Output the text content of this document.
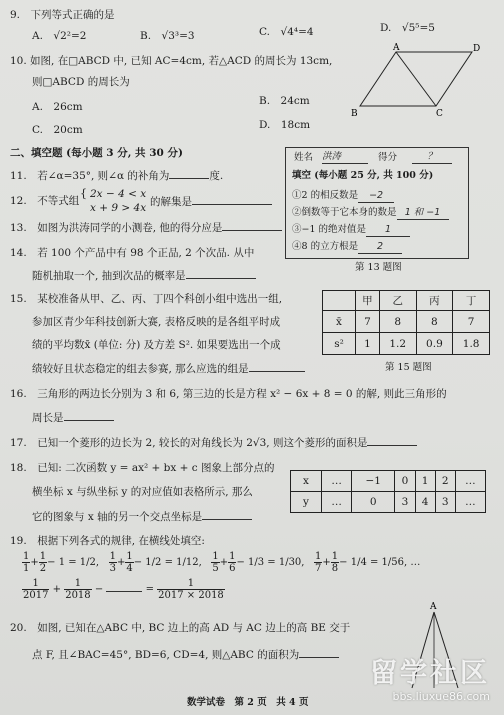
9.　下列等式正确的是
A.　√2²=2	B.　√3³=3	C.　√4⁴=4	D.　√5⁵=5
10. 如图, 在□ABCD 中, 已知 AC=4cm, 若△ACD 的周长为 13cm,
则□ABCD 的周长为
A.　26cm	B.　24cm
C.　20cm	D.　18cm
A	D
B	C
二、填空题 (每小题 3 分, 共 30 分)
11.　若∠α=35°, 则∠α 的补角为	度.
12.　不等式组
{ 2x − 4 < x
x + 9 > 4x 的解集是
13.　如图为洪涛同学的小测卷, 他的得分应是
姓名 洪涛	得分	？
填空 (每小题 25 分, 共 100 分)
①2 的相反数是 −2
②倒数等于它本身的数是 1 和 −1
③−1 的绝对值是 1
④8 的立方根是 2
第 13 题图
14.　若 100 个产品中有 98 个正品, 2 个次品. 从中
随机抽取一个, 抽到次品的概率是
15.　某校准备从甲、乙、丙、丁四个科创小组中选出一组,
参加区青少年科技创新大赛, 表格反映的是各组平时成
绩的平均数x̄ (单位: 分) 及方差 S². 如果要选出一个成
绩较好且状态稳定的组去参赛, 那么应选的组是
	甲	乙	丙	丁
x̄	7	8	8	7
s²	1	1.2	0.9	1.8
第 15 题图
16.　三角形的两边长分别为 3 和 6, 第三边的长是方程 x² − 6x + 8 = 0 的解, 则此三角形的
周长是
17.　已知一个菱形的边长为 2, 较长的对角线长为 2√3, 则这个菱形的面积是
18.　已知: 二次函数 y = ax² + bx + c 图象上部分点的
横坐标 x 与纵坐标 y 的对应值如表格所示, 那么
它的图象与 x 轴的另一个交点坐标是
x	…	−1	0	1	2	…
y	…	0	3	4	3	…
19.　根据下列各式的规律, 在横线处填空:
$\frac{1}{1} + \frac{1}{2} - 1 = 1/2$, $\frac{1}{3} + \frac{1}{4} - 1/2 = 1/12$, $\frac{1}{5} + \frac{1}{6} - 1/3 = 1/30$, $\frac{1}{7} + \frac{1}{8} - 1/4 = 1/56$, …
$\frac{1}{2017} + \frac{1}{2018}$ −	= $\frac{1}{2017 \times 2018}$
20.　如图, 已知在△ABC 中, BC 边上的高 AD 与 AC 边上的高 BE 交于
点 F, 且∠BAC=45°, BD=6, CD=4, 则△ABC 的面积为
A
数学试卷　第 2 页　共 4 页
留学社区
bbs.liuxue86.com
